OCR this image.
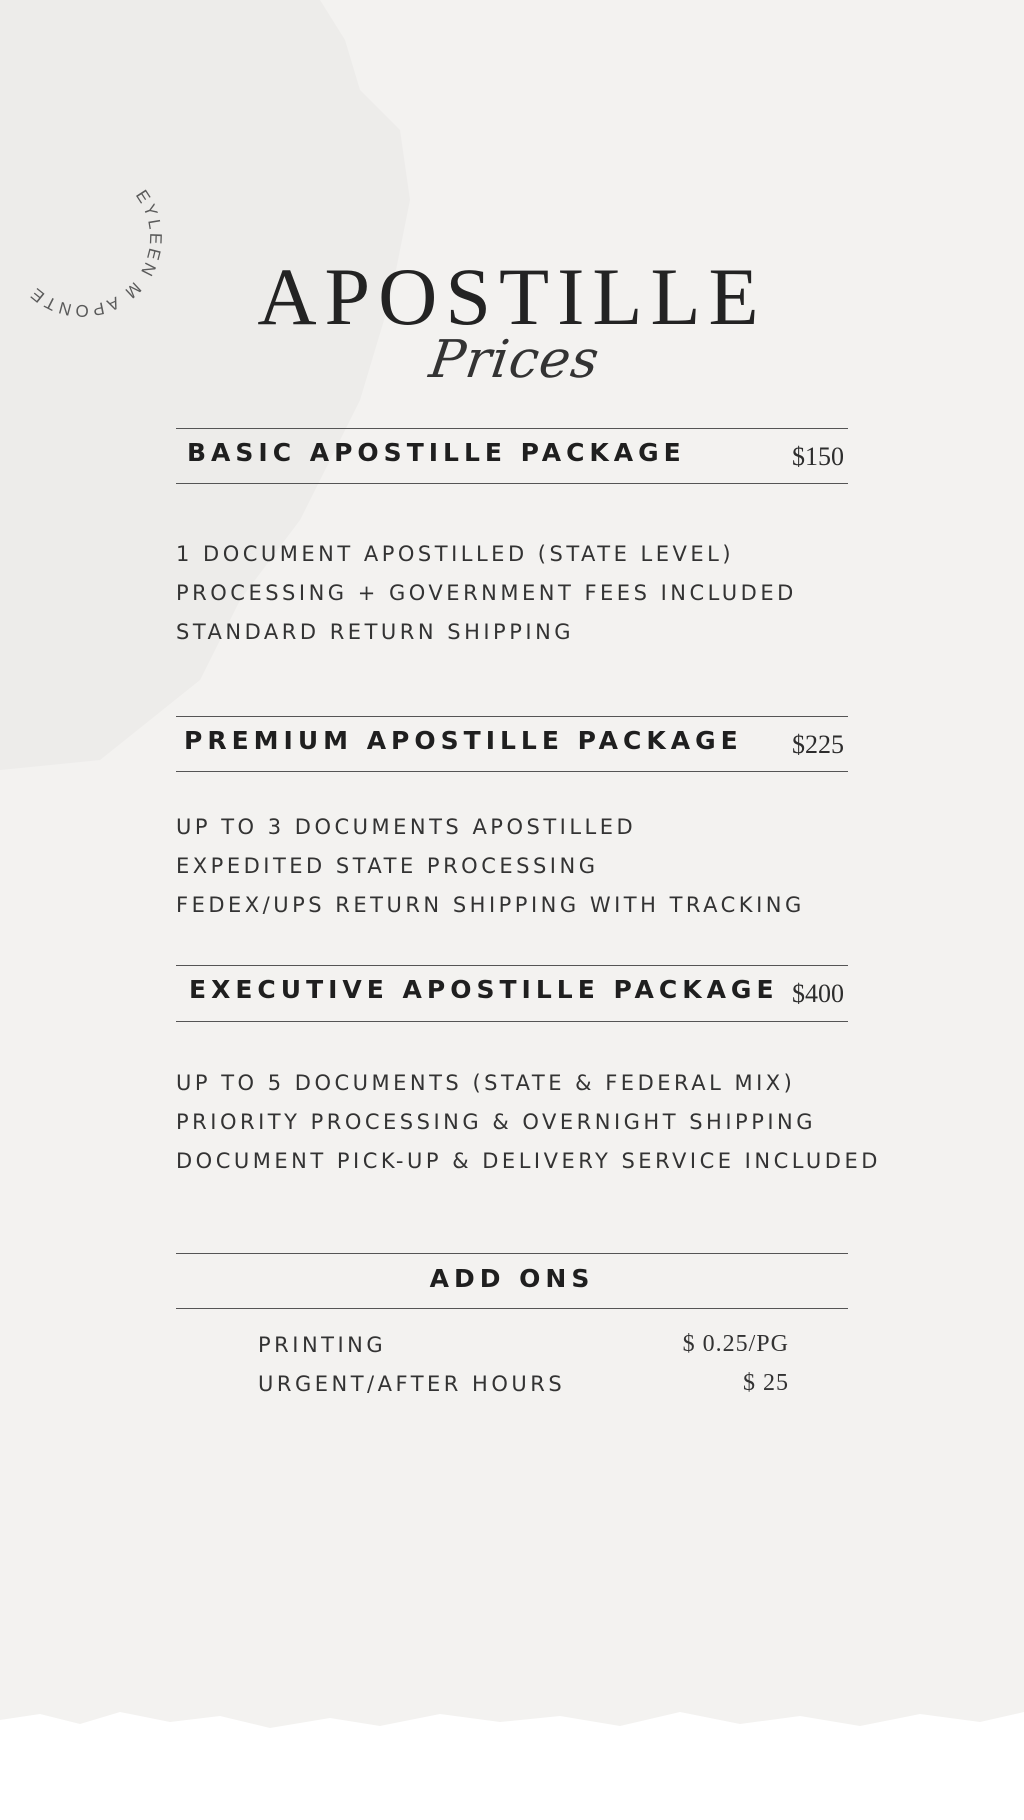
EYLEEN M APONTE	APOSTILLE
Prices
BASIC APOSTILLE PACKAGE	$150
1 DOCUMENT APOSTILLED (STATE LEVEL)
PROCESSING + GOVERNMENT FEES INCLUDED
STANDARD RETURN SHIPPING
PREMIUM APOSTILLE PACKAGE $225
UP TO 3 DOCUMENTS APOSTILLED
EXPEDITED STATE PROCESSING
FEDEX/UPS RETURN SHIPPING WITH TRACKING
EXECUTIVE APOSTILLE PACKAGE $400
UP TO 5 DOCUMENTS (STATE & FEDERAL MIX)
PRIORITY PROCESSING & OVERNIGHT SHIPPING
DOCUMENT PICK-UP & DELIVERY SERVICE INCLUDED
ADD ONS
PRINTING	$ 0.25/PG
URGENT/AFTER HOURS	$ 25
